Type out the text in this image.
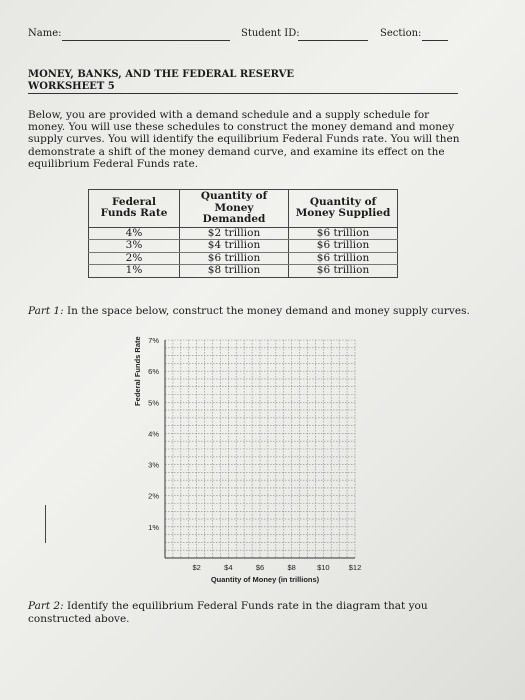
Name:	Student ID:	Section:
MONEY, BANKS, AND THE FEDERAL RESERVE
WORKSHEET 5
Below, you are provided with a demand schedule and a supply schedule for money. You will use these schedules to construct the money demand and money supply curves. You will identify the equilibrium Federal Funds rate. You will then demonstrate a shift of the money demand curve, and examine its effect on the equilibrium Federal Funds rate.
Federal Funds Rate	Quantity of Money Demanded	Quantity of Money Supplied
4%	$2 trillion	$6 trillion
3%	$4 trillion	$6 trillion
2%	$6 trillion	$6 trillion
1%	$8 trillion	$6 trillion
Part 1: In the space below, construct the money demand and money supply curves.
7%
6%
5%
4%
3%
2%
1%
$2	$4	$6	$8	$10	$12
Quantity of Money (in trillions)
Federal Funds Rate
Part 2: Identify the equilibrium Federal Funds rate in the diagram that you constructed above.
